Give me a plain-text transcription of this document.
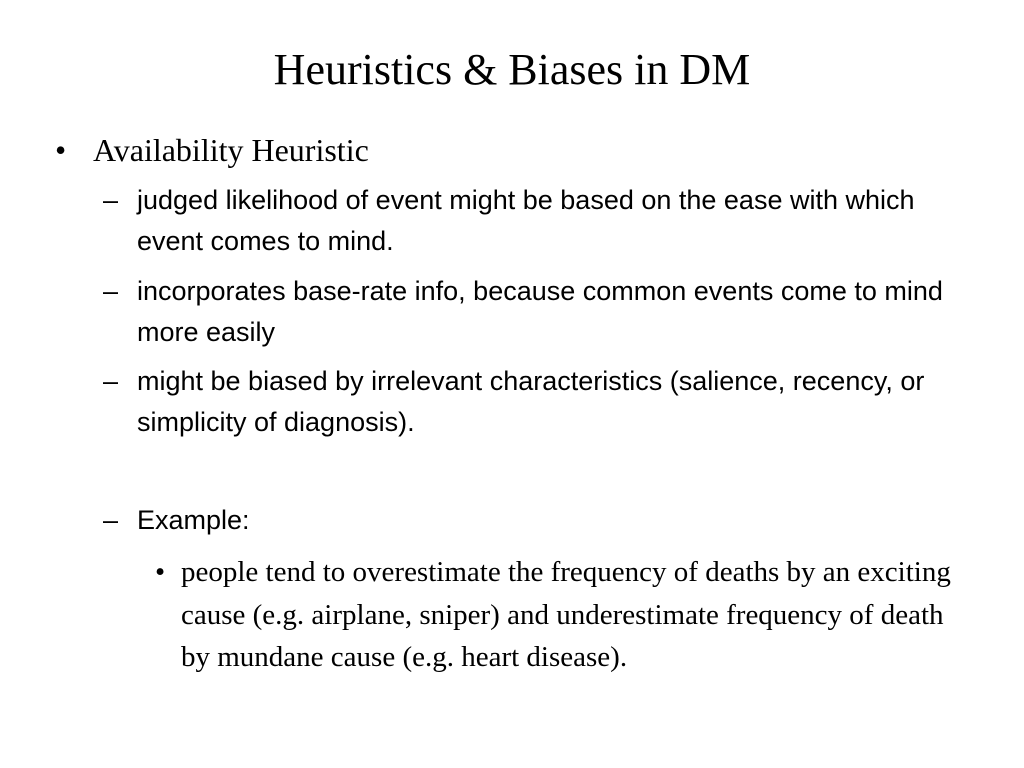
Heuristics & Biases in DM
• Availability Heuristic
– judged likelihood of event might be based on the ease with which event comes to mind.
– incorporates base-rate info, because common events come to mind more easily
– might be biased by irrelevant characteristics (salience, recency, or simplicity of diagnosis).
– Example:
• people tend to overestimate the frequency of deaths by an exciting cause (e.g. airplane, sniper) and underestimate frequency of death by mundane cause (e.g. heart disease).
